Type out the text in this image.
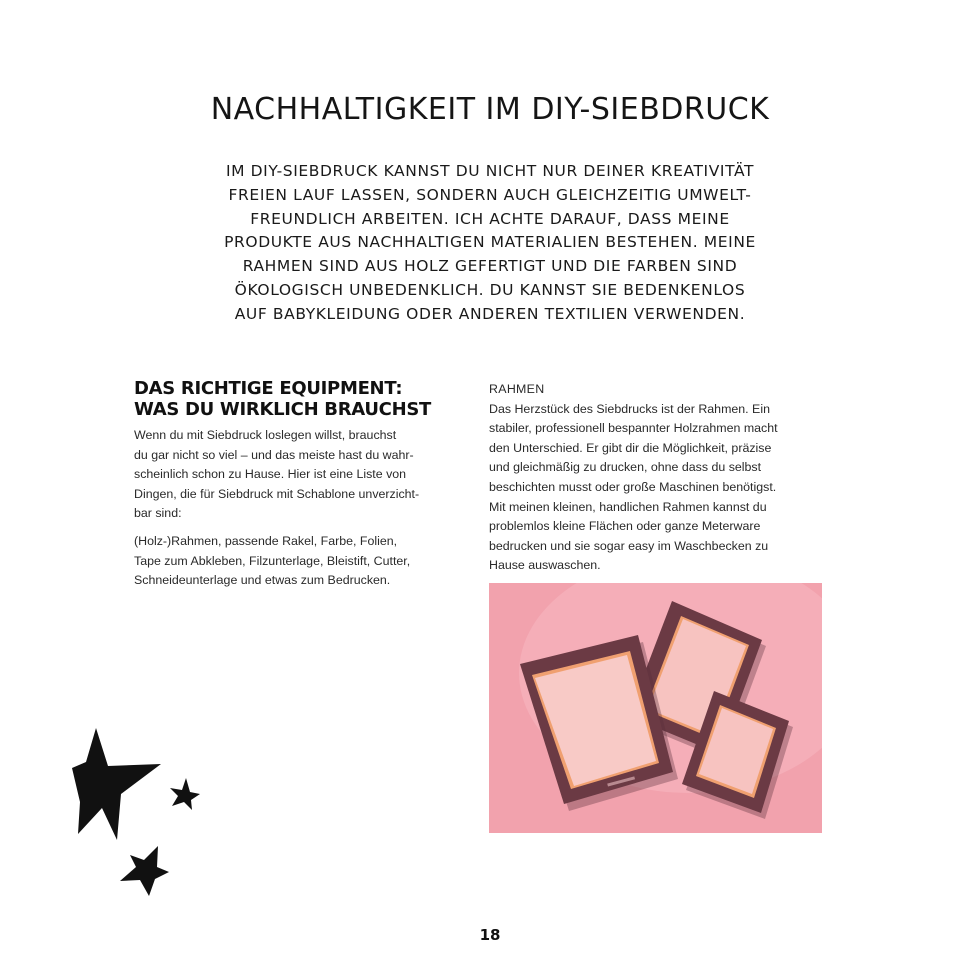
NACHHALTIGKEIT IM DIY-SIEBDRUCK

IM DIY-SIEBDRUCK KANNST DU NICHT NUR DEINER KREATIVITÄT
FREIEN LAUF LASSEN, SONDERN AUCH GLEICHZEITIG UMWELT-
FREUNDLICH ARBEITEN. ICH ACHTE DARAUF, DASS MEINE
PRODUKTE AUS NACHHALTIGEN MATERIALIEN BESTEHEN. MEINE
RAHMEN SIND AUS HOLZ GEFERTIGT UND DIE FARBEN SIND
ÖKOLOGISCH UNBEDENKLICH. DU KANNST SIE BEDENKENLOS
AUF BABYKLEIDUNG ODER ANDEREN TEXTILIEN VERWENDEN.

DAS RICHTIGE EQUIPMENT:
WAS DU WIRKLICH BRAUCHST

Wenn du mit Siebdruck loslegen willst, brauchst
du gar nicht so viel – und das meiste hast du wahr-
scheinlich schon zu Hause. Hier ist eine Liste von
Dingen, die für Siebdruck mit Schablone unverzicht-
bar sind:

(Holz-)Rahmen, passende Rakel, Farbe, Folien,
Tape zum Abkleben, Filzunterlage, Bleistift, Cutter,
Schneideunterlage und etwas zum Bedrucken.

RAHMEN

Das Herzstück des Siebdrucks ist der Rahmen. Ein
stabiler, professionell bespannter Holzrahmen macht
den Unterschied. Er gibt dir die Möglichkeit, präzise
und gleichmäßig zu drucken, ohne dass du selbst
beschichten musst oder große Maschinen benötigst.
Mit meinen kleinen, handlichen Rahmen kannst du
problemlos kleine Flächen oder ganze Meterware
bedrucken und sie sogar easy im Waschbecken zu
Hause auswaschen.

18
